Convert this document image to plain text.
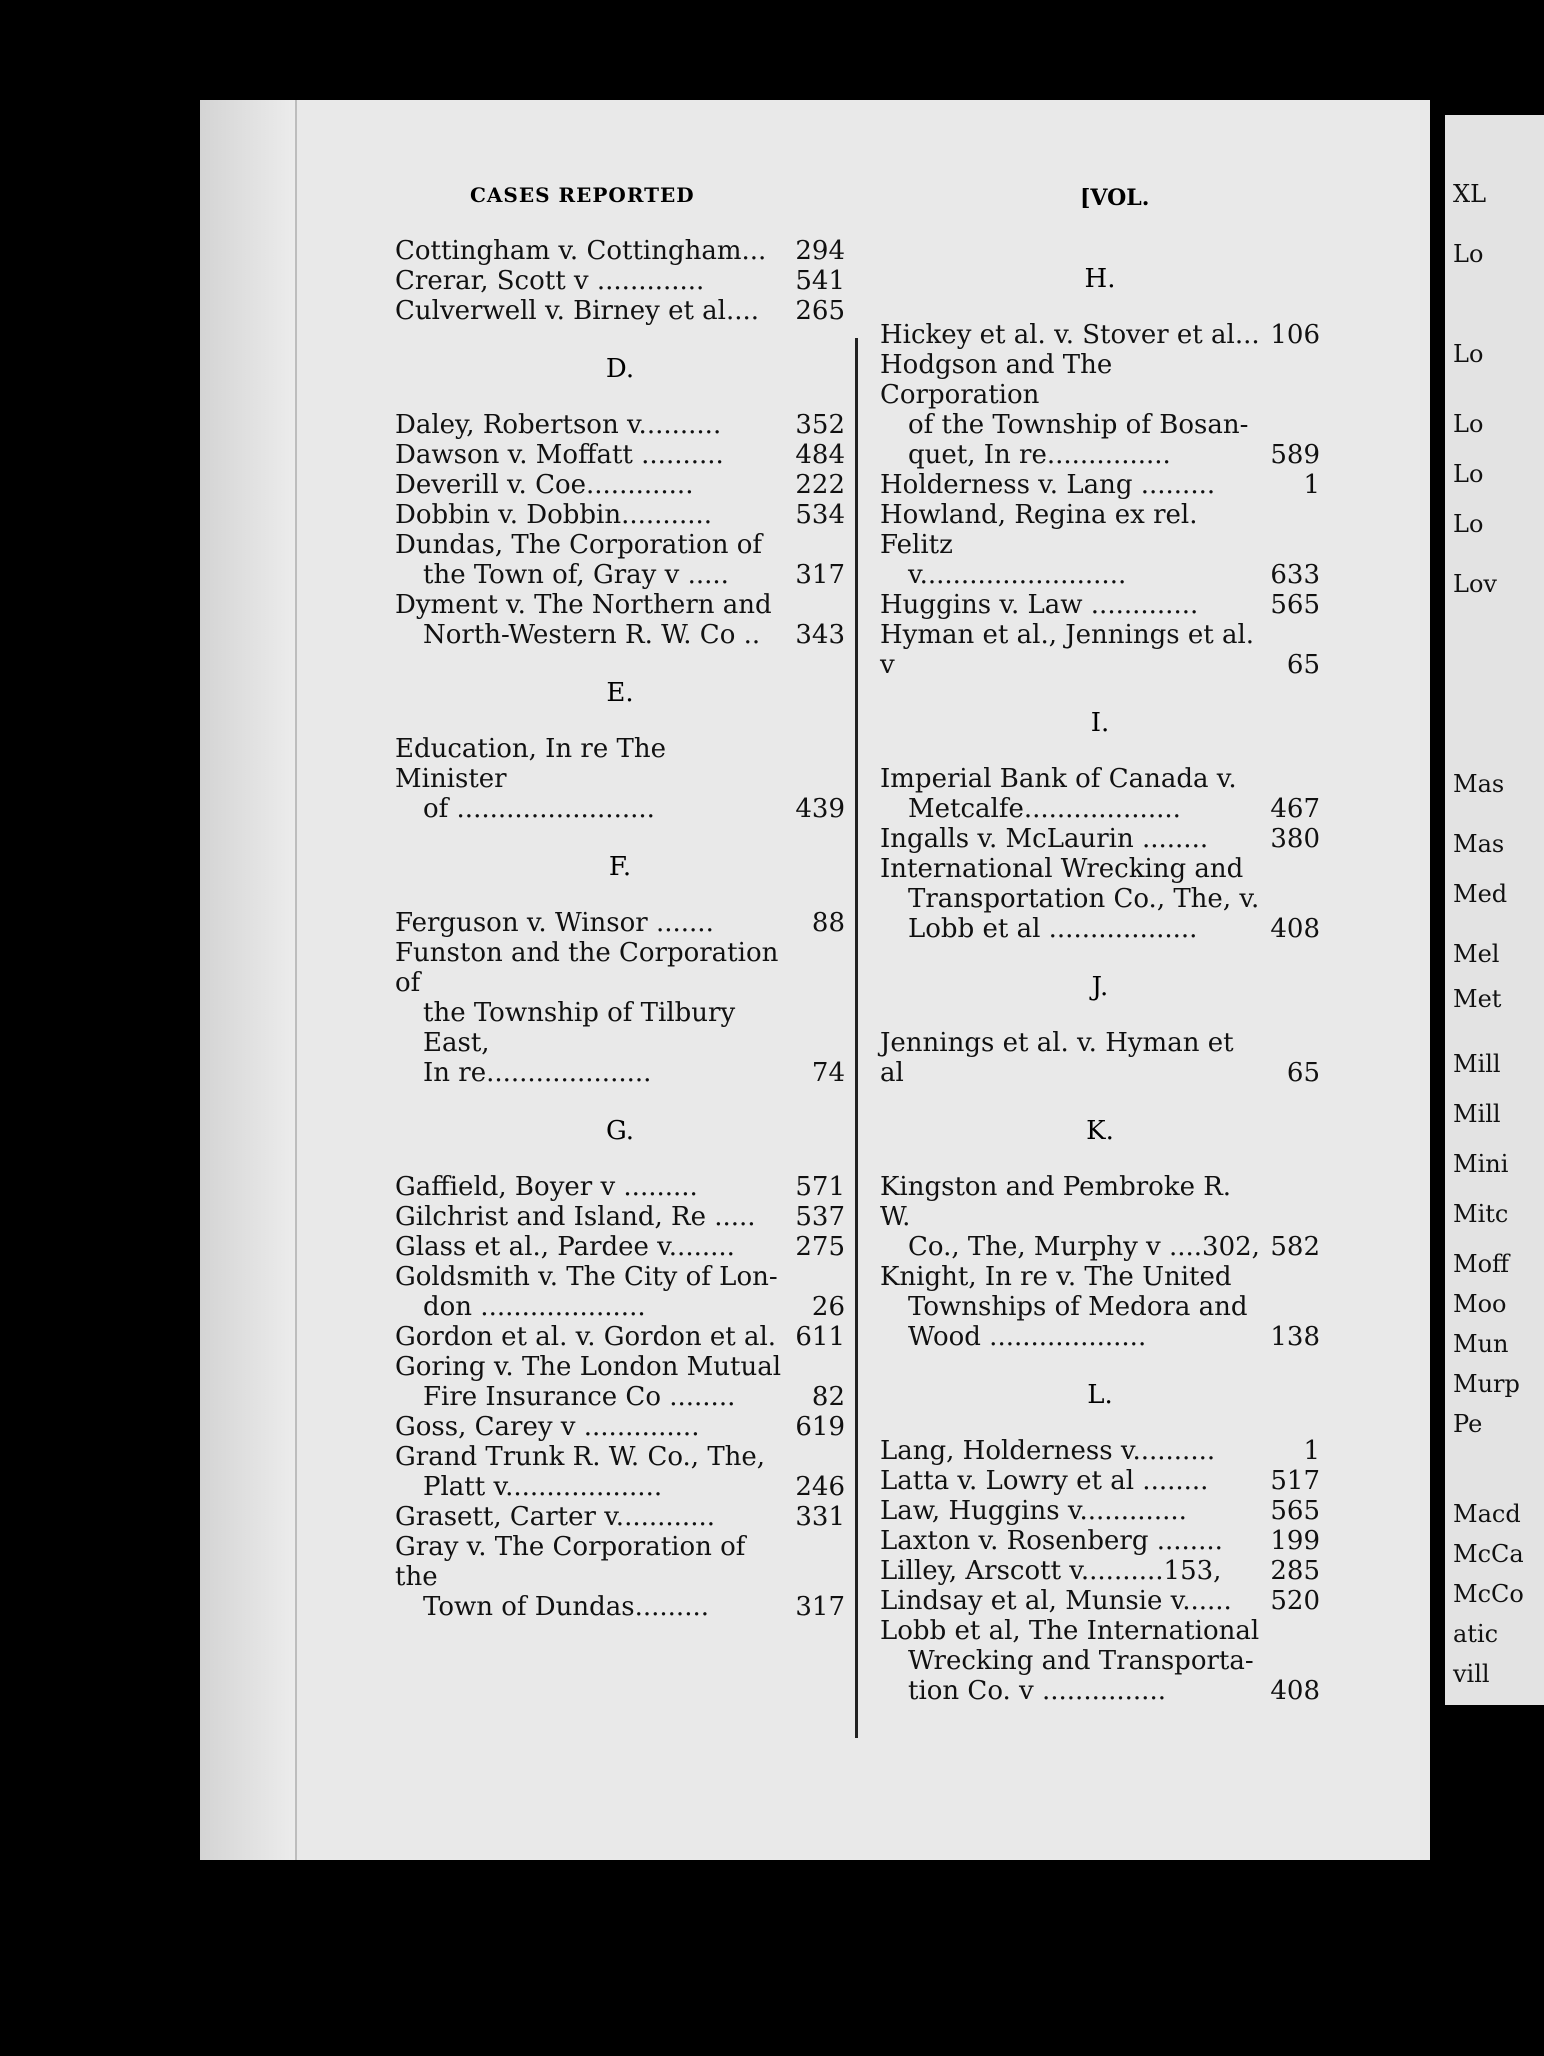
vi.	CASES REPORTED	[VOL.
Cottingham v. Cottingham...	294
Crerar, Scott v .............	541
Culverwell v. Birney et al....	265
D.
Daley, Robertson v..........	352
Dawson v. Moffatt ..........	484
Deverill v. Coe.............	222
Dobbin v. Dobbin...........	534
Dundas, The Corporation of
the Town of, Gray v .....	317
Dyment v. The Northern and
North-Western R. W. Co ..	343
E.
Education, In re The Minister
of ........................	439
F.
Ferguson v. Winsor .......	88
Funston and the Corporation of
the Township of Tilbury East,
In re....................	74
G.
Gaffield, Boyer v .........	571
Gilchrist and Island, Re .....	537
Glass et al., Pardee v........	275
Goldsmith v. The City of Lon-
don ....................	26
Gordon et al. v. Gordon et al. 611
Goring v. The London Mutual
Fire Insurance Co ........	82
Goss, Carey v ..............	619
Grand Trunk R. W. Co., The,
Platt v...................	246
Grasett, Carter v............	331
Gray v. The Corporation of the
Town of Dundas.........	317
H.
Hickey et al. v. Stover et al... 106
Hodgson and The Corporation
of the Township of Bosan-
quet, In re...............	589
Holderness v. Lang .........	1
Howland, Regina ex rel. Felitz
v.........................	633
Huggins v. Law .............	565
Hyman et al., Jennings et al. v	65
I.
Imperial Bank of Canada v.
Metcalfe...................	467
Ingalls v. McLaurin ........	380
International Wrecking and
Transportation Co., The, v.
Lobb et al ..................	408
J.
Jennings et al. v. Hyman et al	65
K.
Kingston and Pembroke R. W.
Co., The, Murphy v ....302, 582
Knight, In re v. The United
Townships of Medora and
Wood ...................	138
L.
Lang, Holderness v..........	1
Latta v. Lowry et al ........	517
Law, Huggins v.............	565
Laxton v. Rosenberg ........	199
Lilley, Arscott v..........153,	285
Lindsay et al, Munsie v......	520
Lobb et al, The International
Wrecking and Transporta-
tion Co. v ...............	408
XL
Lo
Lo
Lo
Lo
Lo
Lov
Mas
Mas
Med
Mel
Met
Mill
Mill
Mini
Mitc
Moff
Moo
Mun
Murp
Pe
Macd
McCa
McCo
atic
vill
